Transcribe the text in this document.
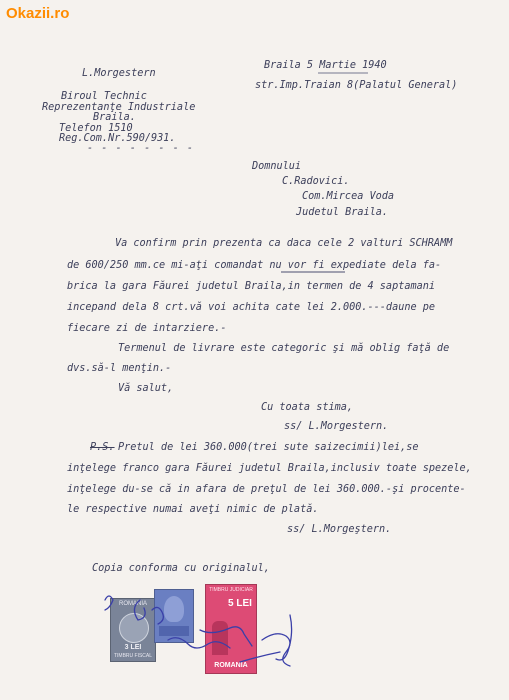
Okazii.ro
L.Morgestern
Biroul Technic
Reprezentanţe Industriale
Braila.
Telefon 1510
Reg.Com.Nr.590/931.
- - - - - - - -
Braila 5 Martie 1940
str.Imp.Traian 8(Palatul General)
Domnului
C.Radovici.
Com.Mircea Voda
Judetul Braila.
Va confirm prin prezenta ca daca cele 2 valturi SCHRAMM
de 600/250 mm.ce mi-aţi comandat nu vor fi expediate dela fa-
brica la gara Făurei judetul Braila,in termen de 4 saptamani
incepand dela 8 crt.vă voi achita cate lei 2.000.---daune pe
fiecare zi de intarziere.-
Termenul de livrare este categoric şi mă oblig faţă de
dvs.să-l menţin.-
Vă salut,
Cu toata stima,
ss/ L.Morgestern.
P.S. Pretul de lei 360.000(trei sute saizecimii)lei,se
inţelege franco gara Făurei judetul Braila,inclusiv toate spezele,
inţelege du-se că in afara de preţul de lei 360.000.-şi procente-
le respective numai aveţi nimic de plată.
ss/ L.Morgeştern.
Copia conforma cu originalul,
ROMANIA
3 LEI
TIMBRU FISCAL
TIMBRU JUDICIAR
5 LEI
ROMANIA
